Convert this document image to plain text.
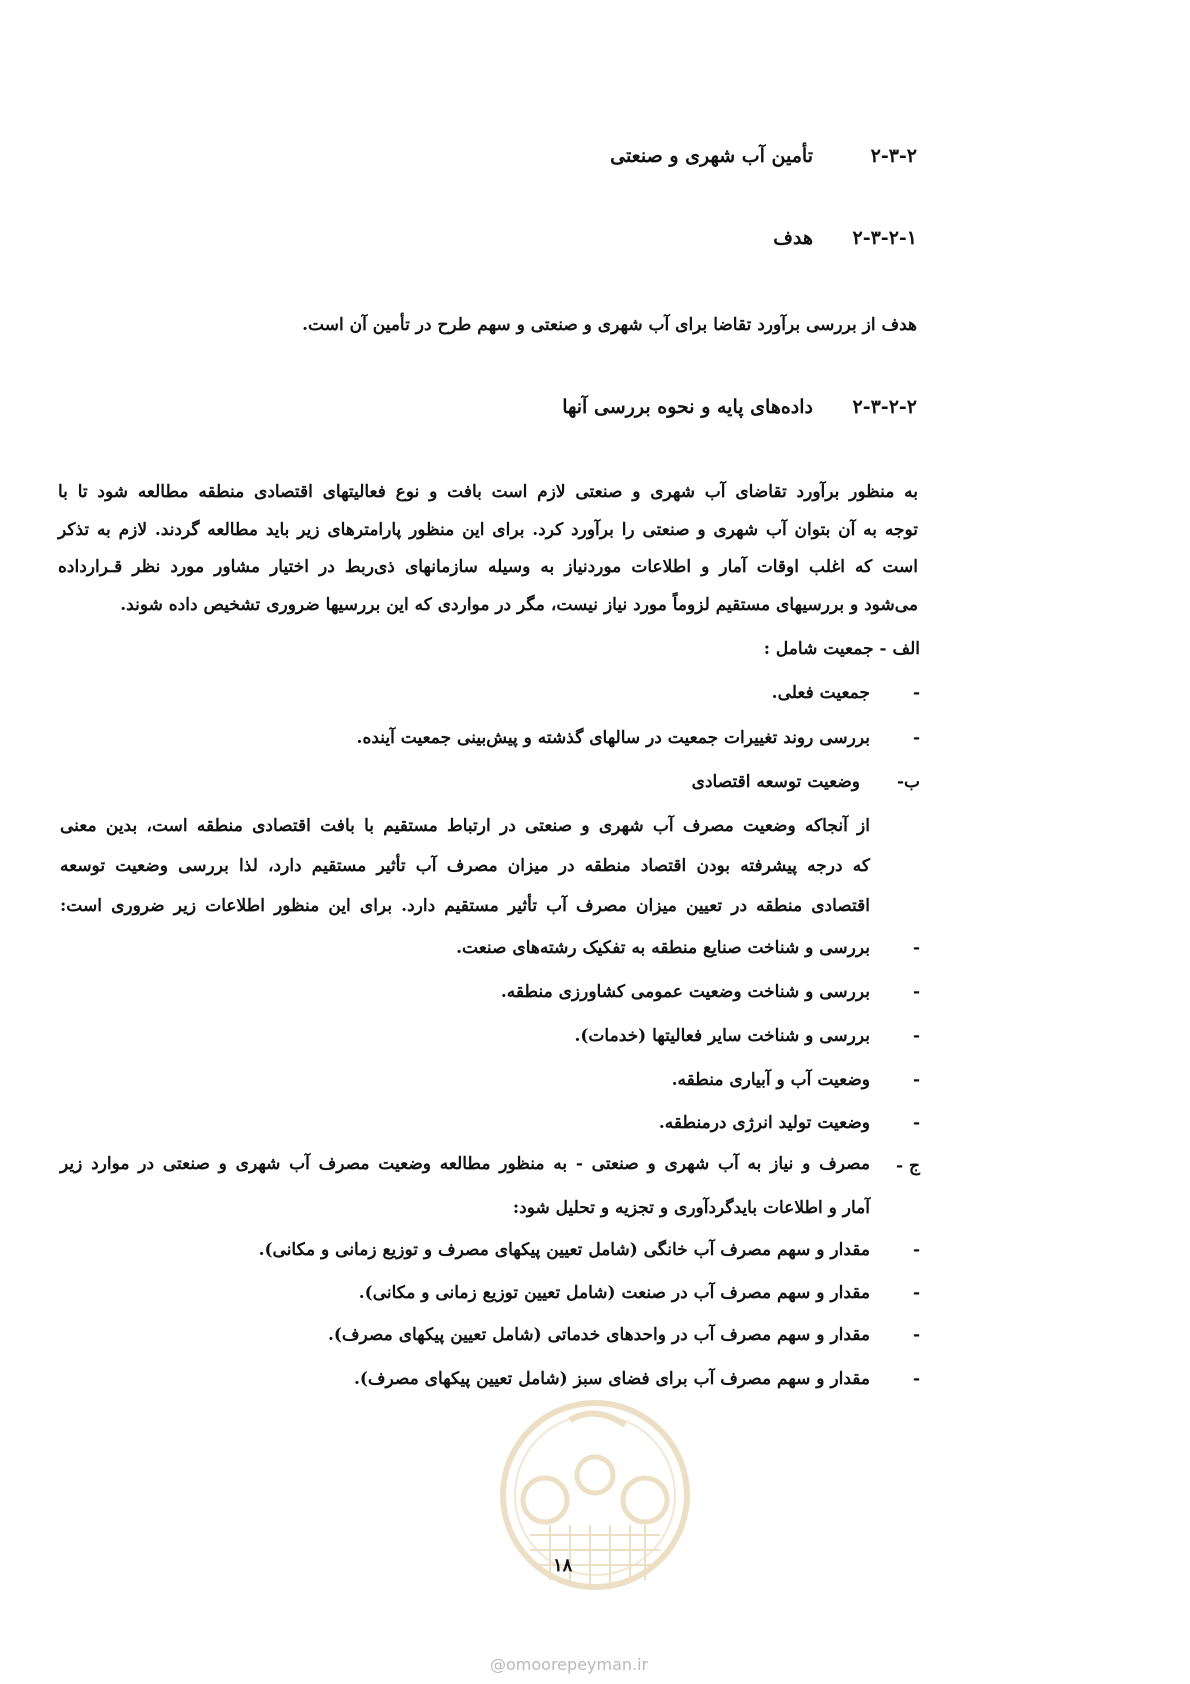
۲-۳-۲
تأمین آب شهری و صنعتی
۲-۳-۲-۱
هدف
هدف از بررسی برآورد تقاضا برای آب شهری و صنعتی و سهم طرح در تأمین آن است.
۲-۳-۲-۲
داده‌های پایه و نحوه بررسی آنها
به منظور برآورد تقاضای آب شهری و صنعتی لازم است بافت و نوع فعالیتهای اقتصادی منطقه مطالعه شود تا با
توجه به آن بتوان آب شهری و صنعتی را برآورد کرد. برای این منظور پارامترهای زیر باید مطالعه گردند. لازم به تذکر
است که اغلب اوقات آمار و اطلاعات موردنیاز به وسیله سازمانهای ذی‌ربط در اختیار مشاور مورد نظر قـرارداده
می‌شود و بررسیهای مستقیم لزوماً مورد نیاز نیست، مگر در مواردی که این بررسیها ضروری تشخیص داده شوند.
الف - جمعیت شامل :
-
جمعیت فعلی.
-
بررسی روند تغییرات جمعیت در سالهای گذشته و پیش‌بینی جمعیت آینده.
ب-
وضعیت توسعه اقتصادی
از آنجاکه وضعیت مصرف آب شهری و صنعتی در ارتباط مستقیم با بافت اقتصادی منطقه است، بدین معنی
که درجه پیشرفته بودن اقتصاد منطقه در میزان مصرف آب تأثیر مستقیم دارد، لذا بررسی وضعیت توسعه
اقتصادی منطقه در تعیین میزان مصرف آب تأثیر مستقیم دارد. برای این منظور اطلاعات زیر ضروری است:
-
بررسی و شناخت صنایع منطقه به تفکیک رشته‌های صنعت.
-
بررسی و شناخت وضعیت عمومی کشاورزی منطقه.
-
بررسی و شناخت سایر فعالیتها (خدمات).
-
وضعیت آب و آبیاری منطقه.
-
وضعیت تولید انرژی درمنطقه.
ج -
مصرف و نیاز به آب شهری و صنعتی - به منظور مطالعه وضعیت مصرف آب شهری و صنعتی در موارد زیر
آمار و اطلاعات بایدگردآوری و تجزیه و تحلیل شود:
-
مقدار و سهم مصرف آب خانگی (شامل تعیین پیکهای مصرف و توزیع زمانی و مکانی).
-
مقدار و سهم مصرف آب در صنعت (شامل تعیین توزیع زمانی و مکانی).
-
مقدار و سهم مصرف آب در واحدهای خدماتی (شامل تعیین پیکهای مصرف).
-
مقدار و سهم مصرف آب برای فضای سبز (شامل تعیین پیکهای مصرف).
۱۸
@omoorepeyman.ir
